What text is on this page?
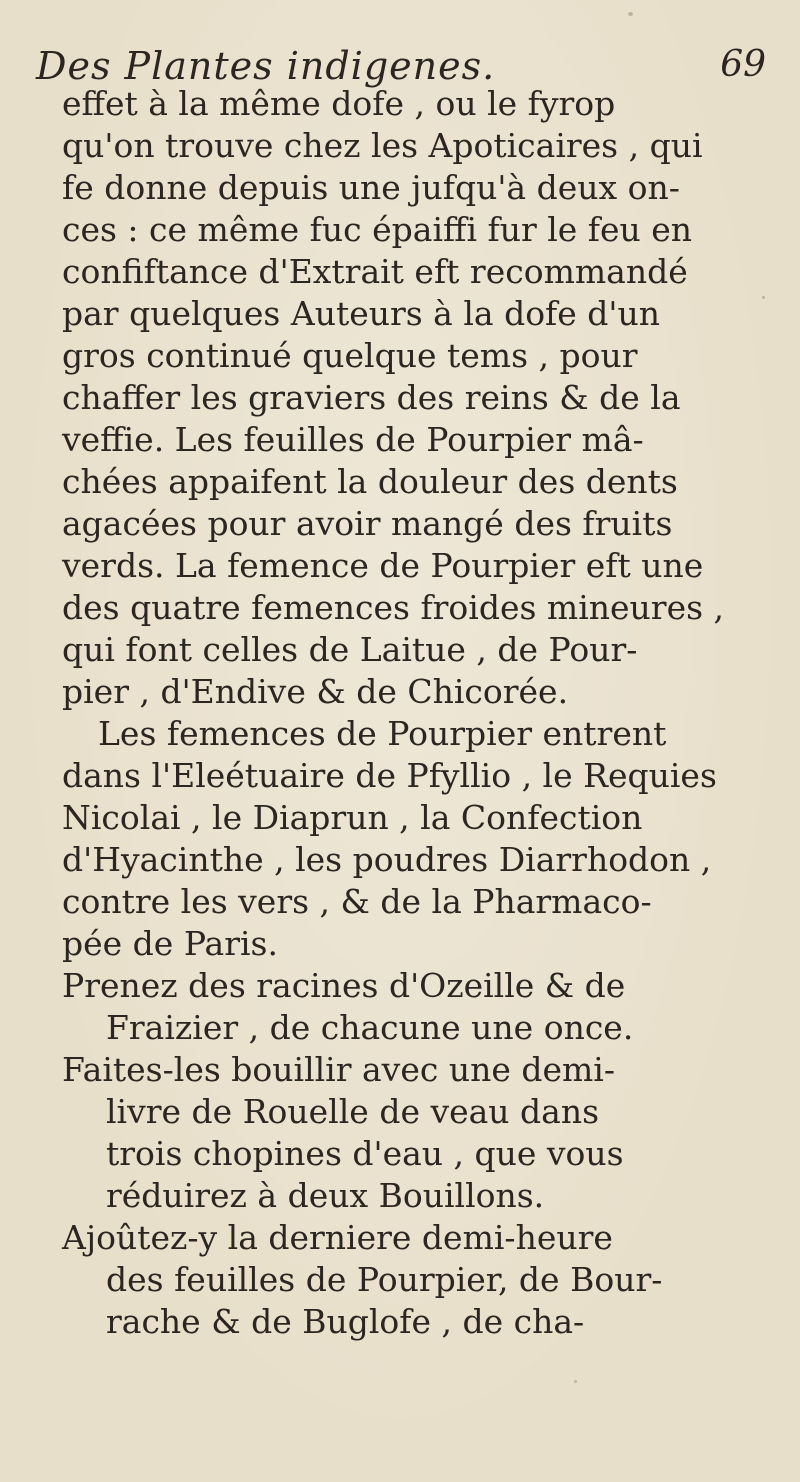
Des Plantes indigenes.	69
effet à la même dofe , ou le fyrop
qu'on trouve chez les Apoticaires , qui
fe donne depuis une jufqu'à deux on-
ces : ce même fuc épaiffi fur le feu en
confiftance d'Extrait eft recommandé
par quelques Auteurs à la dofe d'un
gros continué quelque tems , pour
chaffer les graviers des reins & de la
veffie. Les feuilles de Pourpier mâ-
chées appaifent la douleur des dents
agacées pour avoir mangé des fruits
verds. La femence de Pourpier eft une
des quatre femences froides mineures ,
qui font celles de Laitue , de Pour-
pier , d'Endive & de Chicorée.
Les femences de Pourpier entrent
dans l'Eleétuaire de Pfyllio , le Requies
Nicolai , le Diaprun , la Confection
d'Hyacinthe , les poudres Diarrhodon ,
contre les vers , & de la Pharmaco-
pée de Paris.
Prenez des racines d'Ozeille & de
Fraizier , de chacune une once.
Faites-les bouillir avec une demi-
livre de Rouelle de veau dans
trois chopines d'eau , que vous
réduirez à deux Bouillons.
Ajoûtez-y la derniere demi-heure
des feuilles de Pourpier, de Bour-
rache & de Buglofe , de cha-
